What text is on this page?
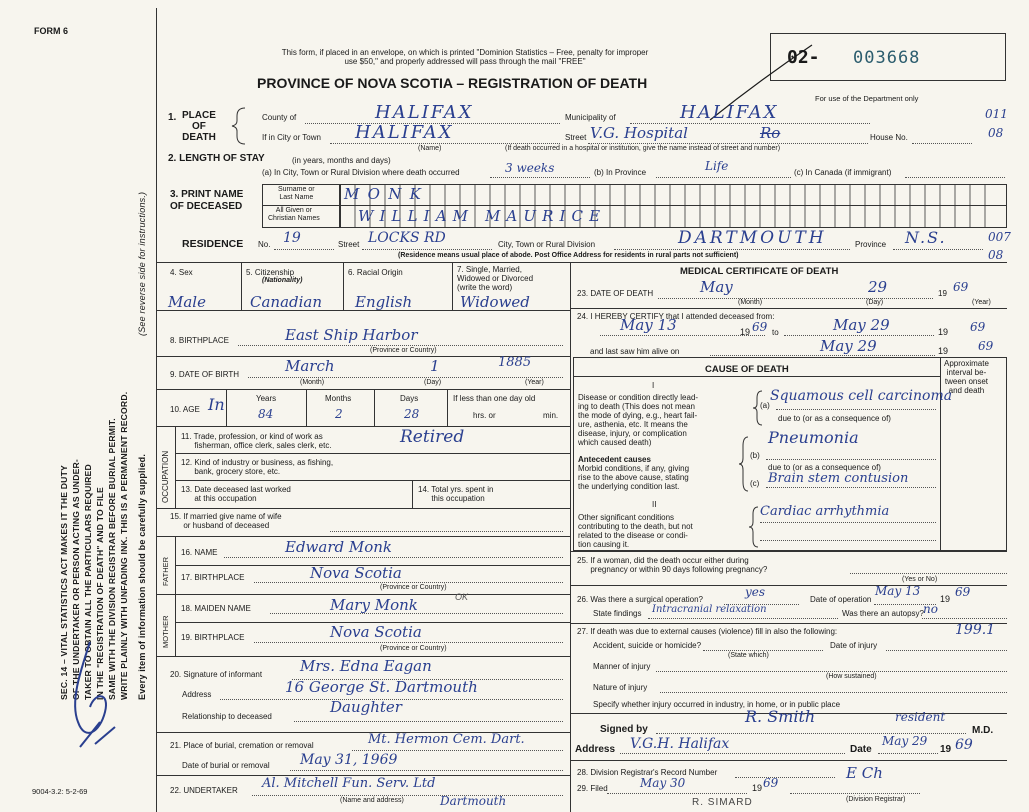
FORM 6
SEC. 14 – VITAL STATISTICS ACT MAKES IT THE DUTY OF THE UNDERTAKER OR PERSON ACTING AS UNDER- TAKER TO OBTAIN ALL THE PARTICULARS REQUIRED IN THE "REGISTRATION OF DEATH" AND TO FILE SAME WITH THE DIVISION REGISTRAR BEFORE BURIAL PERMIT. WRITE PLAINLY WITH UNFADING INK. THIS IS A PERMANENT RECORD. Every item of information should be carefully supplied.
(See reverse side for instructions.)
9004-3.2: 5-2-69
This form, if placed in an envelope, on which is printed "Dominion Statistics – Free, penalty for improper
use $50," and properly addressed will pass through the mail "FREE"
PROVINCE OF NOVA SCOTIA – REGISTRATION OF DEATH
02- 003668
For use of the Department only
1. PLACE
OF
DEATH
County of	HALIFAX	Municipality of	HALIFAX	011
If in City or Town HALIFAX
(Name)
Street V.G. Hospital	Ro	House No.	08
(If death occurred in a hospital or institution, give the name instead of street and number)
2. LENGTH OF STAY	(in years, months and days)
(a) In City, Town or Rural Division where death occurred	3 weeks	(b) In Province	Life	(c) In Canada (if immigrant)
3. PRINT NAME
OF DECEASED
Surname or
Last Name
All Given or
Christian Names
MONK
WILLIAM MAURICE
RESIDENCE No. 19	Street LOCKS RD	City, Town or Rural Division	DARTMOUTH	Province N.S.	007
08
(Residence means usual place of abode. Post Office Address for residents in rural parts not sufficient)
4. Sex	5. Citizenship
(Nationality)
6. Racial Origin	7. Single, Married,
Widowed or Divorced
(write the word)
Male	Canadian English	Widowed
8. BIRTHPLACE	East Ship Harbor
(Province or Country)
9. DATE OF BIRTH	March	1	1885
(Month)	(Day)	(Year)
10. AGE In	Years	Months	Days
84	2	28
If less than one day old
hrs. or	min.
OCCUPATION
11. Trade, profession, or kind of work as
fisherman, office clerk, sales clerk, etc.	Retired
12. Kind of industry or business, as fishing,
bank, grocery store, etc.
13. Date deceased last worked
at this occupation
14. Total yrs. spent in
this occupation
15. If married give name of wife
or husband of deceased
FATHER
16. NAME	Edward Monk
17. BIRTHPLACE	Nova Scotia
(Province or Country)
MOTHER
18. MAIDEN NAME	Mary Monk	OK
19. BIRTHPLACE	Nova Scotia
(Province or Country)
20. Signature of informant	Mrs. Edna Eagan
Address	16 George St. Dartmouth
Relationship to deceased
Daughter
21. Place of burial, cremation or removal	Mt. Hermon Cem. Dart.
Date of burial or removal May 31, 1969
22. UNDERTAKER Al. Mitchell Fun. Serv. Ltd
(Name and address)	Dartmouth
MEDICAL CERTIFICATE OF DEATH
23. DATE OF DEATH	May	29	19 69
(Month)	(Day)	(Year)
24. I HEREBY CERTIFY that I attended deceased from:
May 13	19 69 to	May 29	19 69
and last saw him alive on	May 29	19 69
CAUSE OF DEATH
Approximate
interval be-
tween onset
and death
I
Disease or condition directly lead-
ing to death (This does not mean
the mode of dying, e.g., heart fail-
ure, asthenia, etc. It means the
disease, injury, or complication
which caused death)
(a)
Squamous cell carcinoma
due to (or as a consequence of)
Antecedent causes
Morbid conditions, if any, giving
rise to the above cause, stating
the underlying condition last.
(b)
Pneumonia
due to (or as a consequence of)
(c) Brain stem contusion
II
Other significant conditions
contributing to the death, but not
related to the disease or condi-
tion causing it.
Cardiac arrhythmia
25. If a woman, did the death occur either during
pregnancy or within 90 days following pregnancy?
(Yes or No)
26. Was there a surgical operation?
yes
Date of operation
May 13
19 69
State findings Intracranial relaxation	Was there an autopsy? no
27. If death was due to external causes (violence) fill in also the following:	199.1
Accident, suicide or homicide?
(State which)
Date of injury
Manner of injury
(How sustained)
Nature of injury
Specify whether injury occurred in industry, in home, or in public place
Signed by
R. Smith	resident
M.D.
Address V.G.H. Halifax	Date
May 29
19 69
28. Division Registrar's Record Number
29. Filed	May 30	19 69
E Ch
(Division Registrar)
R. SIMARD
